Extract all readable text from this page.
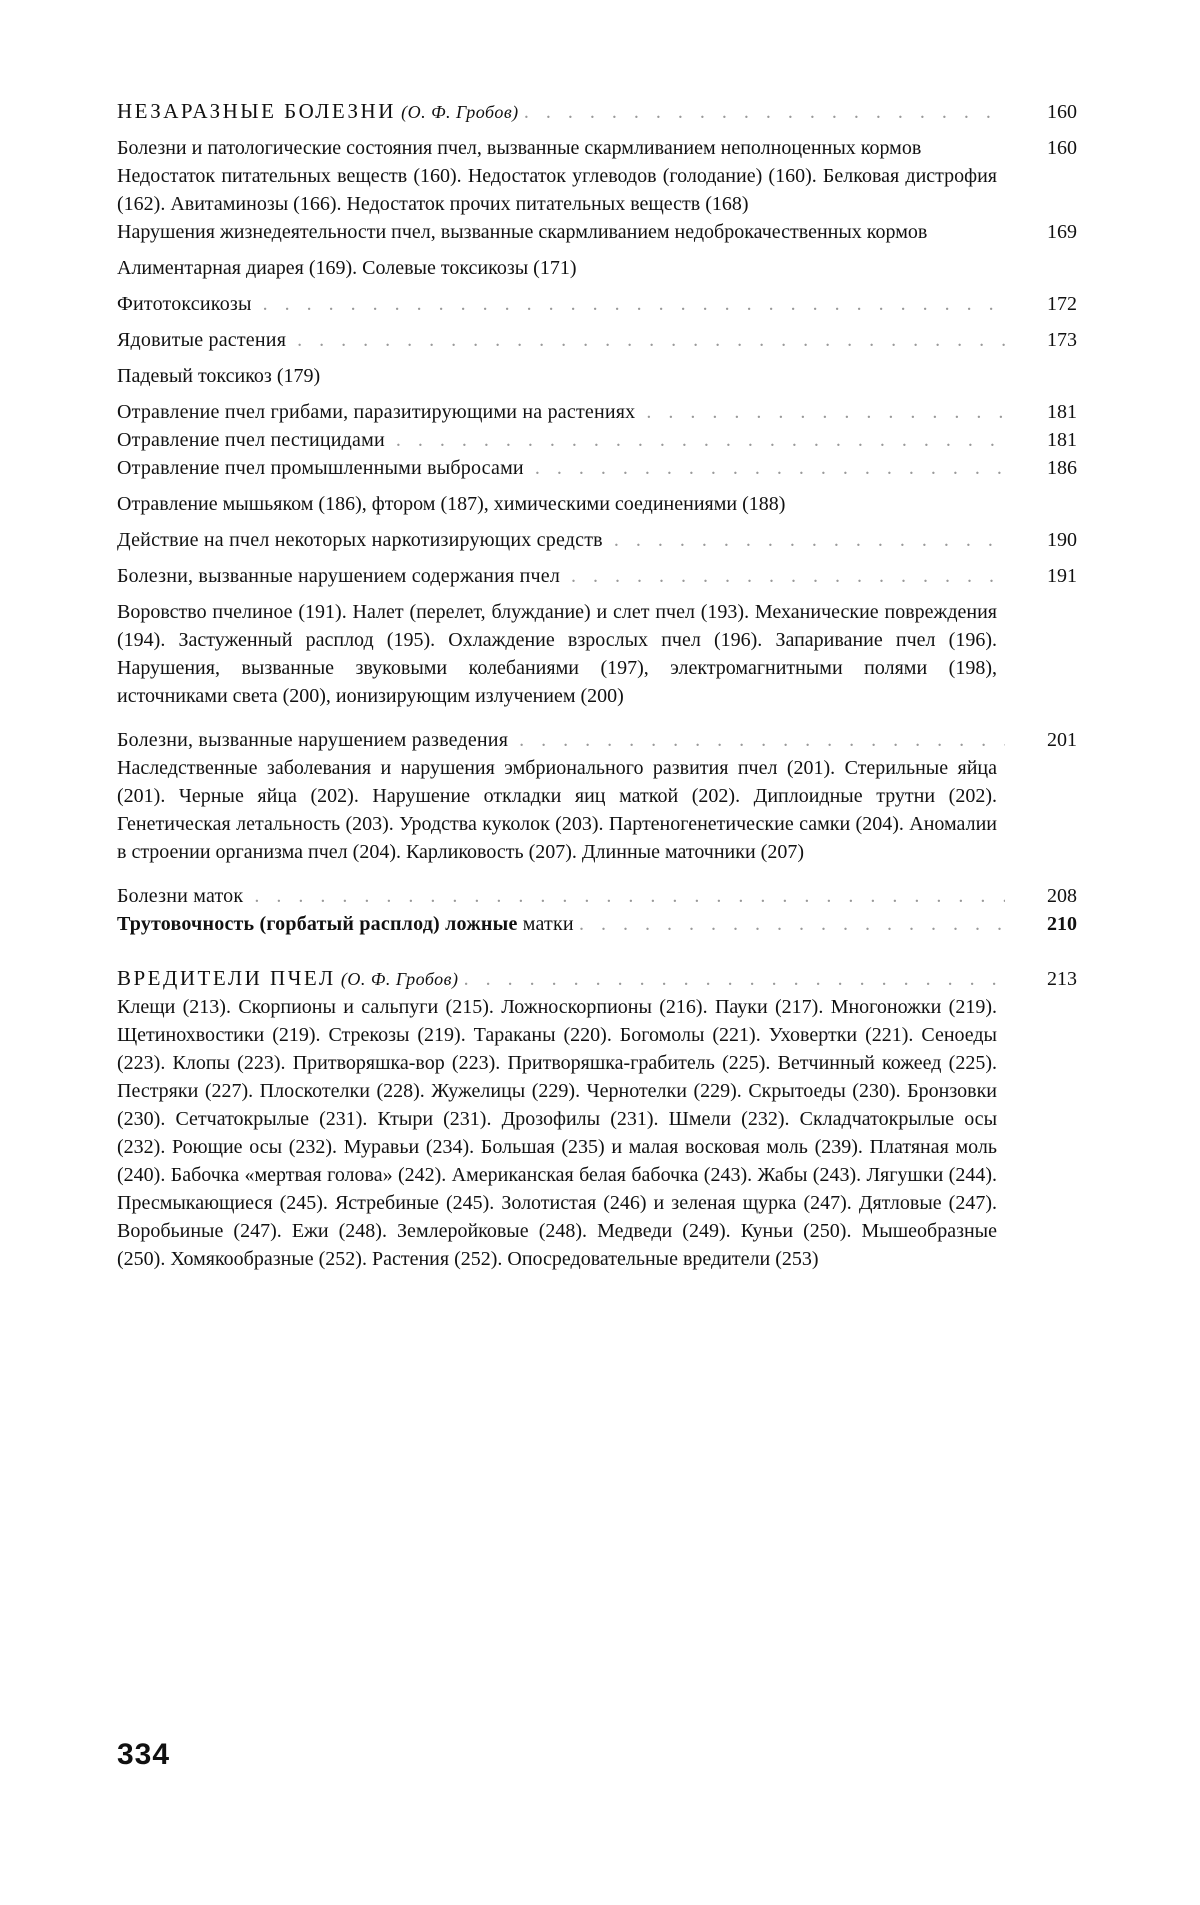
НЕЗАРАЗНЫЕ БОЛЕЗНИ (О. Ф. Гробов) . . .	160
Болезни и патологические состояния пчел, вызванные скармливанием неполноценных кормов	160
Недостаток питательных веществ (160). Недостаток углеводов (голодание) (160). Белковая дистрофия (162). Авитаминозы (166). Недостаток прочих питательных веществ (168)
Нарушения жизнедеятельности пчел, вызванные скармливанием недоброкачественных кормов	169
Алиментарная диарея (169). Солевые токсикозы (171)
Фитотоксикозы . . .	172
Ядовитые растения . . .	173
Падевый токсикоз (179)
Отравление пчел грибами, паразитирующими на растениях . . .	181
Отравление пчел пестицидами . . .	181
Отравление пчел промышленными выбросами . . .	186
Отравление мышьяком (186), фтором (187), химическими соединениями (188)
Действие на пчел некоторых наркотизирующих средств . . .	190
Болезни, вызванные нарушением содержания пчел . . .	191
Воровство пчелиное (191). Налет (перелет, блуждание) и слет пчел (193). Механические повреждения (194). Застуженный расплод (195). Охлаждение взрослых пчел (196). Запаривание пчел (196). Нарушения, вызванные звуковыми колебаниями (197), электромагнитными полями (198), источниками света (200), ионизирующим излучением (200)
Болезни, вызванные нарушением разведения . . .	201
Наследственные заболевания и нарушения эмбрионального развития пчел (201). Стерильные яйца (201). Черные яйца (202). Нарушение откладки яиц маткой (202). Диплоидные трутни (202). Генетическая летальность (203). Уродства куколок (203). Партеногенетические самки (204). Аномалии в строении организма пчел (204). Карликовость (207). Длинные маточники (207)
Болезни маток . . .	208
Трутовочность (горбатый расплод) ложные матки . . .	210
ВРЕДИТЕЛИ ПЧЕЛ (О. Ф. Гробов) . . .	213
Клещи (213). Скорпионы и сальпуги (215). Ложноскорпионы (216). Пауки (217). Многоножки (219). Щетинохвостики (219). Стрекозы (219). Тараканы (220). Богомолы (221). Уховертки (221). Сеноеды (223). Клопы (223). Притворяшка-вор (223). Притворяшка-грабитель (225). Ветчинный кожеед (225). Пестряки (227). Плоскотелки (228). Жужелицы (229). Чернотелки (229). Скрытоеды (230). Бронзовки (230). Сетчатокрылые (231). Ктыри (231). Дрозофилы (231). Шмели (232). Складчатокрылые осы (232). Роющие осы (232). Муравьи (234). Большая (235) и малая восковая моль (239). Платяная моль (240). Бабочка «мертвая голова» (242). Американская белая бабочка (243). Жабы (243). Лягушки (244). Пресмыкающиеся (245). Ястребиные (245). Золотистая (246) и зеленая щурка (247). Дятловые (247). Воробьиные (247). Ежи (248). Землеройковые (248). Медведи (249). Куньи (250). Мышеобразные (250). Хомякообразные (252). Растения (252). Опосредовательные вредители (253)
334
